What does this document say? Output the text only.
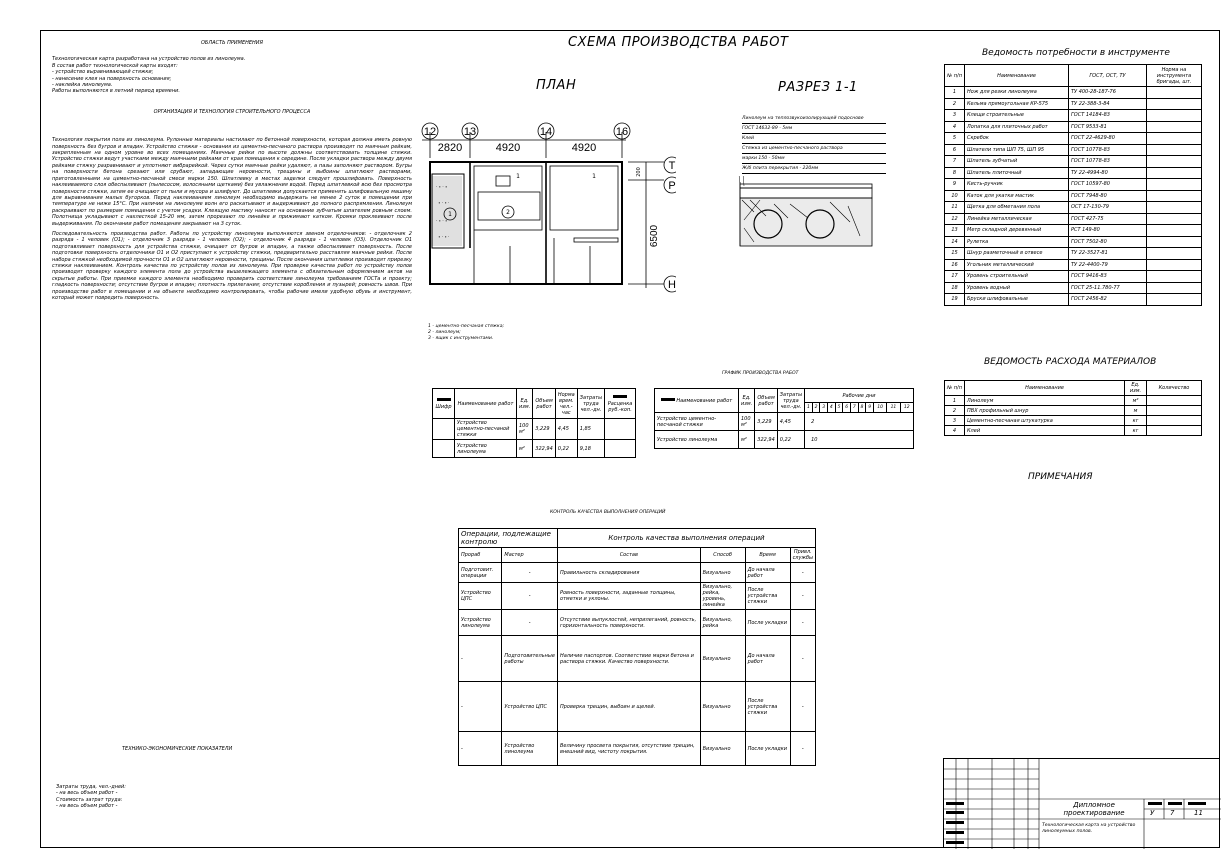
СХЕМА ПРОИЗВОДСТВА РАБОТ
ПЛАН	РАЗРЕЗ 1-1
ОБЛАСТЬ ПРИМЕНЕНИЯ
Технологическая карта разработана на устройство полов из линолеума.
В состав работ технологической карты входят:
- устройство выравнивающей стяжки;
- нанесение клея на поверхность основания;
- наклейка линолеума.
Работы выполняются в летний период времени.
ОРГАНИЗАЦИЯ И ТЕХНОЛОГИЯ СТРОИТЕЛЬНОГО ПРОЦЕССА
Технология покрытия пола из линолеума. Рулонные материалы настилают по бетонной поверхности, которая должна иметь ровную поверхность без бугров и впадин. Устройство стяжки - основания из цементно-песчаного раствора производят по маячным рейкам, закрепленным на одном уровне во всех помещениях. Маячные рейки по высоте должны соответствовать толщине стяжки. Устройство стяжки ведут участками между маячными рейками от края помещения к середине. После укладки раствора между двумя рейками стяжку разравнивают и уплотняют вибрарейкой. Через сутки маячные рейки удаляют, а пазы заполняют раствором. Бугры на поверхности бетона срезают или срубают, западающие неровности, трещины и выбоины шпатлюют растворами, приготовленными на цементно-песчаной смеси марки 150. Шпатлевку в местах заделки следует прошлифовать. Поверхность наклеиваемого слоя обеспыливают (пылесосом, волосяными щетками) без увлажнения водой. Перед шпатлевкой всю без просмотра поверхности стяжки, затем ее очищают от пыли и мусора и шлифуют. До шпатлевки допускается применять шлифовальную машину для выравнивания малых бугорков. Перед наклеиванием линолеум необходимо выдержать не менее 2 суток в помещении при температуре не ниже 15°С. При наличии на линолеуме волн его раскатывают и выдерживают до полного распрямления. Линолеум раскраивают по размерам помещения с учетом усадки. Клеящую мастику наносят на основание зубчатым шпателем ровным слоем. Полотнища укладывают с нахлесткой 15-20 мм, затем прорезают по линейке и прижимают катком. Кромки проклеивают после выдерживания. По окончании работ помещения закрывают на 3 суток.
Последовательность производства работ. Работы по устройству линолеума выполняются звеном отделочников: - отделочник 2 разряда - 1 человек (О1); - отделочник 3 разряда - 1 человек (О2); - отделочник 4 разряда - 1 человек (О3). Отделочник О1 подготавливает поверхность для устройства стяжки, очищает от бугров и впадин, а также обеспыливает поверхность. После подготовки поверхность отделочники О1 и О2 приступают к устройству стяжки, предварительно расставляя маячные рейки. После набора стяжкой необходимой прочности О1 и О2 шпатлюют неровности, трещины. После окончания шпатлевки производят прирезку стяжки наклеиванием. Контроль качества по устройству полов из линолеума. При проверке качества работ по устройству полов производят проверку каждого элемента пола до устройства вышележащего элемента с обязательным оформлением актов на скрытые работы. При приемке каждого элемента необходимо проверить соответствие линолеума требованиям ГОСТа и проекту; гладкость поверхности; отсутствие бугров и впадин; плотность прилегания; отсутствие коробления и пузырей; ровность швов. При производстве работ в помещении и на объекте необходимо контролировать, чтобы рабочие имели удобную обувь и инструмент, который может повредить поверхность.
ТЕХНИКО-ЭКОНОМИЧЕСКИЕ ПОКАЗАТЕЛИ
Затраты труда, чел.-дней:
- на весь объем работ -
Стоимость затрат труда:
- на весь объем работ -
· ∙ · ∙
∙ · ∙ ·
· ∙ · ∙
∙ · ∙ ·
12	13	14	16
2820	4920	4920
Т
Р
Н
6500
200
1	2
1	1
1 - цементно-песчаная стяжка;
2 - линолеум;
3 - ящик с инструментами.
Линолеум на теплозвукоизолирующей подоснове
ГОСТ 14632-89 - 5мм
Клей
Стяжка из цементно-песчаного раствора
марки 150 - 50мм
Ж/б плита перекрытия - 220мм
Ведомость потребности в инструменте
№ п/п	Наименование	ГОСТ, ОСТ, ТУ	Норма на инструмента бригады, шт.
1	Нож для резки линолеума	ТУ 400-28-187-76	
2	Кельма прямоугольная КР-575	ТУ 22-388-3-84	
3	Клещи строительные	ГОСТ 14184-83	
4	Лопатка для плиточных работ	ГОСТ 9533-81	
5	Скребок	ГОСТ 22-4629-80	
6	Шпатели типа ШП 75, ШП 95	ГОСТ 10778-83	
7	Шпатель зубчатый	ГОСТ 10778-83	
8	Шпатель плиточный	ТУ 22-4994-80	
9	Кисть-ручник	ГОСТ 10597-80	
10	Каток для укатки мастик	ГОСТ 7948-80	
11	Щетка для обметания пола	ОСТ 17-130-79	
12	Линейка металлическая	ГОСТ 427-75	
13	Метр складной деревянный	РСТ 149-80	
14	Рулетка	ГОСТ 7502-80	
15	Шнур разметочный в отвесе	ТУ 22-3527-81	
16	Угольник металлический	ТУ 22-4400-79	
17	Уровень строительный	ГОСТ 9416-83	
18	Уровень водный	ГОСТ 25-11.780-77	
19	Бруски шлифовальные	ГОСТ 2456-82	
ВЕДОМОСТЬ РАСХОДА МАТЕРИАЛОВ
№ п/п	Наименование	Ед. изм.	Количество
1	Линолеум	м²	
2	ПВХ профильный шнур	м	
3	Цементно-песчаная штукатурка	кг	
4	Клей	кг	
ПРИМЕЧАНИЯ

Шифр	Наименование работ	Ед. изм.	Объем работ	Норма врем. чел.-час	Затраты труда чел.-дн.	Расценка руб.-коп.
	Устройство цементно-песчаной стяжки	100 м²	3,229	4,45	1,85	
	Устройство линолеума	м²	322,94	0,22	9,18	
ГРАФИК ПРОИЗВОДСТВА РАБОТ
Наименование работ	Ед. изм.	Объем работ	Затраты труда чел.-дн.	Рабочие дни											
				1	2	3	4	5	6	7	8	9	10	11	12
Устройство цементно-песчаной стяжки	100 м²	3,229	4,45	2											
Устройство линолеума	м²	322,94	0,22	10											
КОНТРОЛЬ КАЧЕСТВА ВЫПОЛНЕНИЯ ОПЕРАЦИЙ
Операции, подлежащие контролю		Контроль качества выполнения операций			
Прораб	Мастер	Состав	Способ	Время	Привл. службы
Подготовит. операции	-	Правильность складирования	Визуально	До начала работ	-
Устройство ЦПС	-	Ровность поверхности, заданные толщины, отметки и уклоны.	Визуально, рейка, уровень, линейка	После устройства стяжки	-
Устройство линолеума	-	Отсутствие выпуклостей, неприлеганий, ровность, горизонтальность поверхности.	Визуально, рейка	После укладки	-
-	Подготовительные работы	Наличие паспортов. Соответствие марки бетона и раствора стяжки. Качество поверхности.	Визуально	До начала работ	-
-	Устройство ЦПС	Проверка трещин, выбоин и щелей.	Визуально	После устройства стяжки	-
-	Устройство линолеума	Величину просвета покрытия, отсутствие трещин, внешний вид, чистоту покрытия.	Визуально	После укладки	-
Дипломное проектирование	У 7	11
Технологическая карта на устройство линолеумных полов.
